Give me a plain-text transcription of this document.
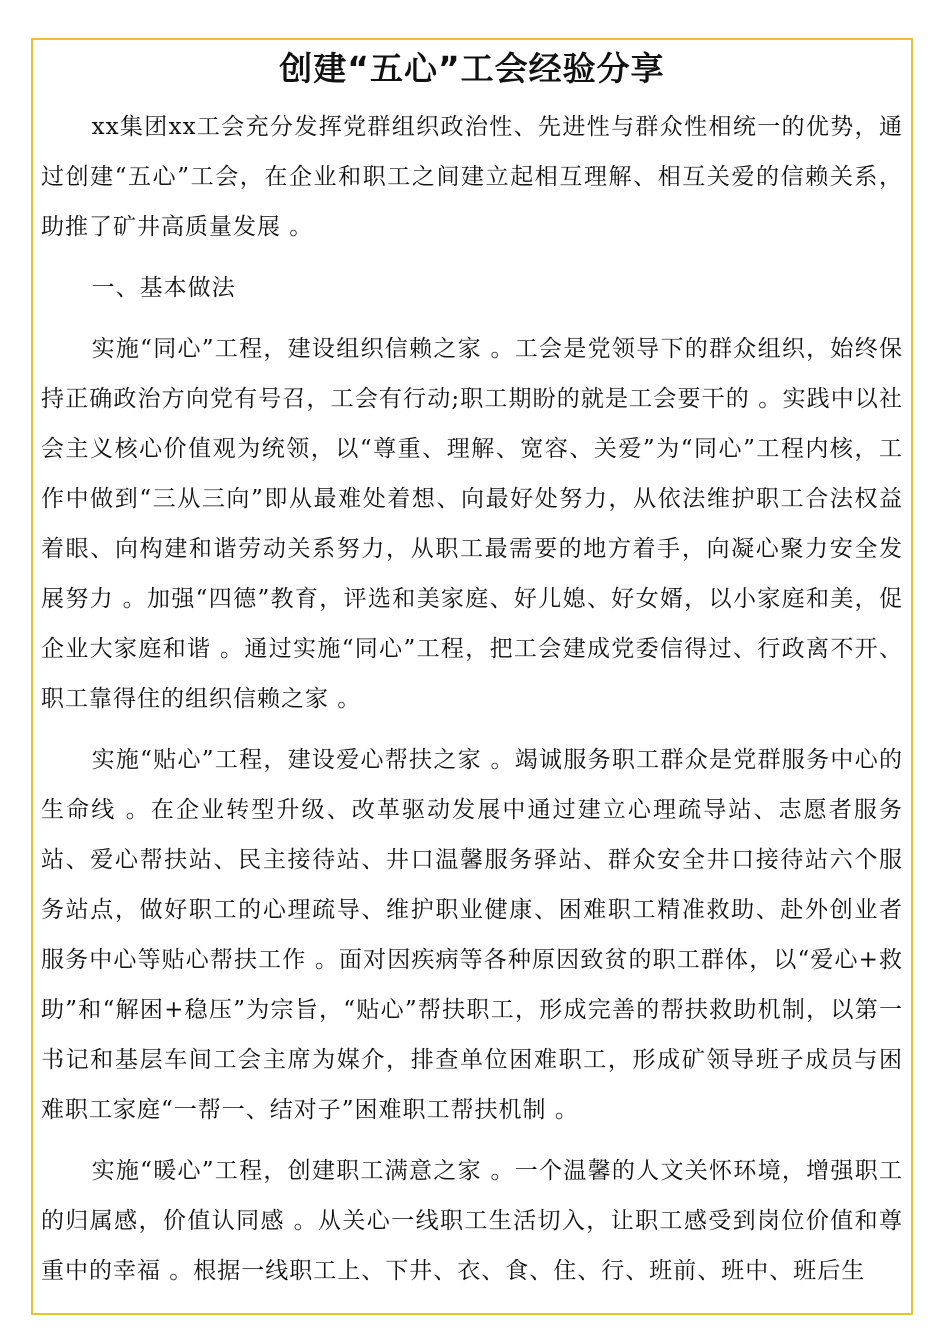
创建“五心”工会经验分享

xx集团xx工会充分发挥党群组织政治性、先进性与群众性相统一的优势，通过创建“五心”工会，在企业和职工之间建立起相互理解、相互关爱的信赖关系，助推了矿井高质量发展 。

一、基本做法

实施“同心”工程，建设组织信赖之家 。工会是党领导下的群众组织，始终保持正确政治方向党有号召，工会有行动;职工期盼的就是工会要干的 。实践中以社会主义核心价值观为统领，以“尊重、理解、宽容、关爱”为“同心”工程内核，工作中做到“三从三向”即从最难处着想、向最好处努力，从依法维护职工合法权益着眼、向构建和谐劳动关系努力，从职工最需要的地方着手，向凝心聚力安全发展努力 。加强“四德”教育，评选和美家庭、好儿媳、好女婿，以小家庭和美，促企业大家庭和谐 。通过实施“同心”工程，把工会建成党委信得过、行政离不开、职工靠得住的组织信赖之家 。

实施“贴心”工程，建设爱心帮扶之家 。竭诚服务职工群众是党群服务中心的生命线 。在企业转型升级、改革驱动发展中通过建立心理疏导站、志愿者服务站、爱心帮扶站、民主接待站、井口温馨服务驿站、群众安全井口接待站六个服务站点，做好职工的心理疏导、维护职业健康、困难职工精准救助、赴外创业者服务中心等贴心帮扶工作 。面对因疾病等各种原因致贫的职工群体，以“爱心+救助”和“解困+稳压”为宗旨，“贴心”帮扶职工，形成完善的帮扶救助机制，以第一书记和基层车间工会主席为媒介，排查单位困难职工，形成矿领导班子成员与困难职工家庭“一帮一、结对子”困难职工帮扶机制 。

实施“暖心”工程，创建职工满意之家 。一个温馨的人文关怀环境，增强职工的归属感，价值认同感 。从关心一线职工生活切入，让职工感受到岗位价值和尊重中的幸福 。根据一线职工上、下井、衣、食、住、行、班前、班中、班后生
